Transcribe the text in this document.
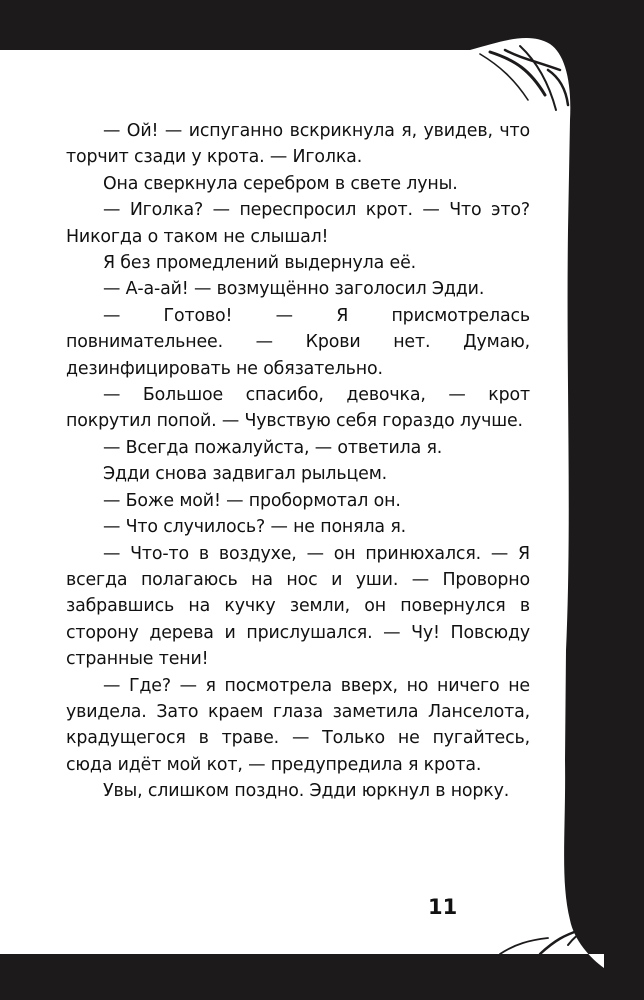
— Ой! — испуганно вскрикнула я, увидев, что торчит сзади у крота. — Иголка.

Она сверкнула серебром в свете луны.

— Иголка? — переспросил крот. — Что это? Никогда о таком не слышал!

Я без промедлений выдернула её.

— А-а-ай! — возмущённо заголосил Эдди.

— Готово! — Я присмотрелась повнимательнее. — Крови нет. Думаю, дезинфицировать не обязательно.

— Большое спасибо, девочка, — крот покрутил попой. — Чувствую себя гораздо лучше.

— Всегда пожалуйста, — ответила я.

Эдди снова задвигал рыльцем.

— Боже мой! — пробормотал он.

— Что случилось? — не поняла я.

— Что-то в воздухе, — он принюхался. — Я всегда полагаюсь на нос и уши. — Проворно забравшись на кучку земли, он повернулся в сторону дерева и прислушался. — Чу! Повсюду странные тени!

— Где? — я посмотрела вверх, но ничего не увидела. Зато краем глаза заметила Ланселота, крадущегося в траве. — Только не пугайтесь, сюда идёт мой кот, — предупредила я крота.

Увы, слишком поздно. Эдди юркнул в норку.

11
